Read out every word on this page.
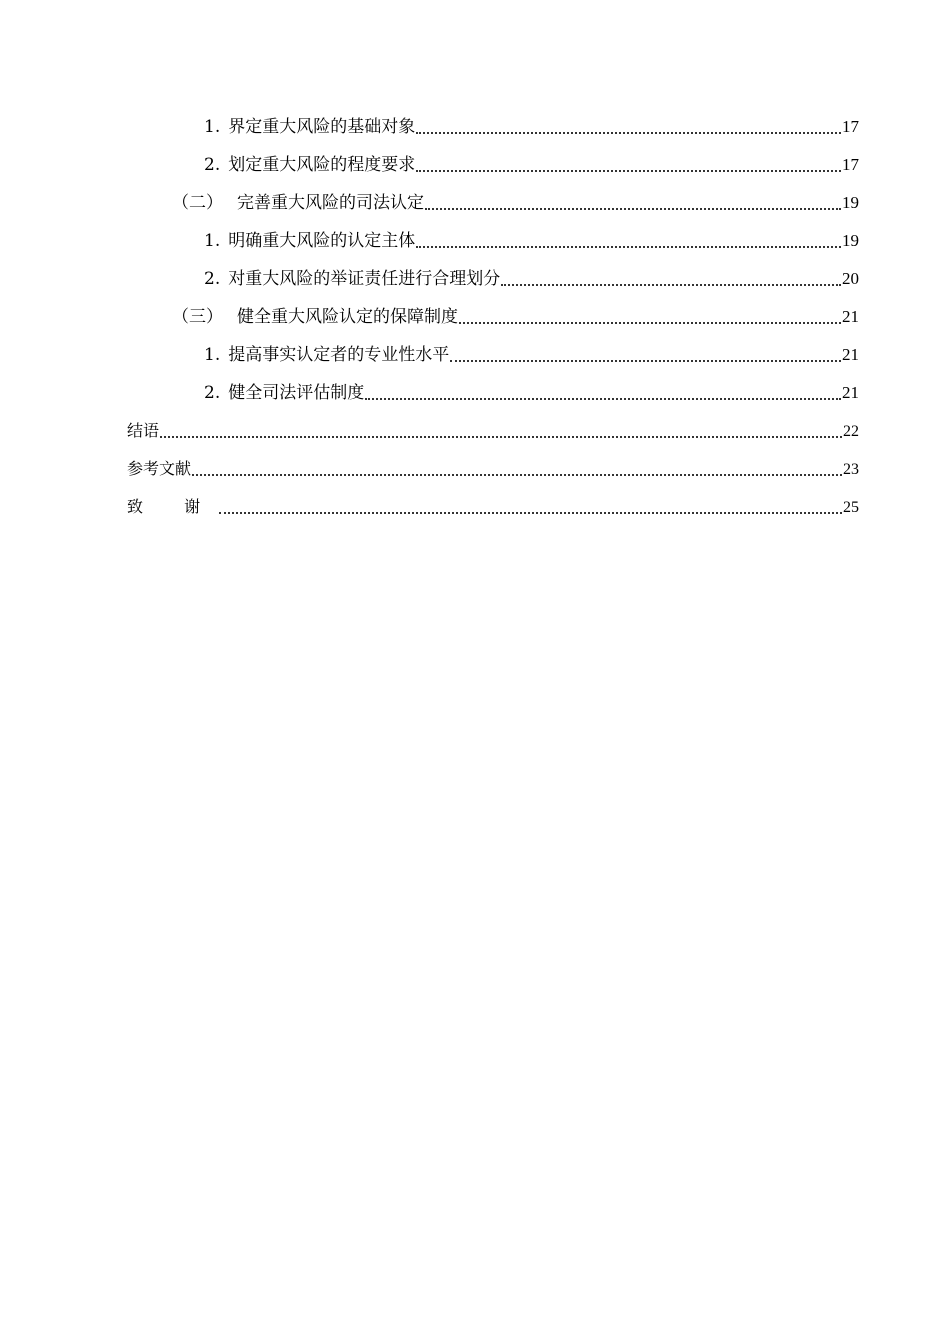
1. 界定重大风险的基础对象	17
2. 划定重大风险的程度要求	17
（二） 完善重大风险的司法认定	19
1. 明确重大风险的认定主体	19
2. 对重大风险的举证责任进行合理划分	20
（三） 健全重大风险认定的保障制度	21
1. 提高事实认定者的专业性水平	21
2. 健全司法评估制度	21
结语	22
参考文献	23
致 谢	25
